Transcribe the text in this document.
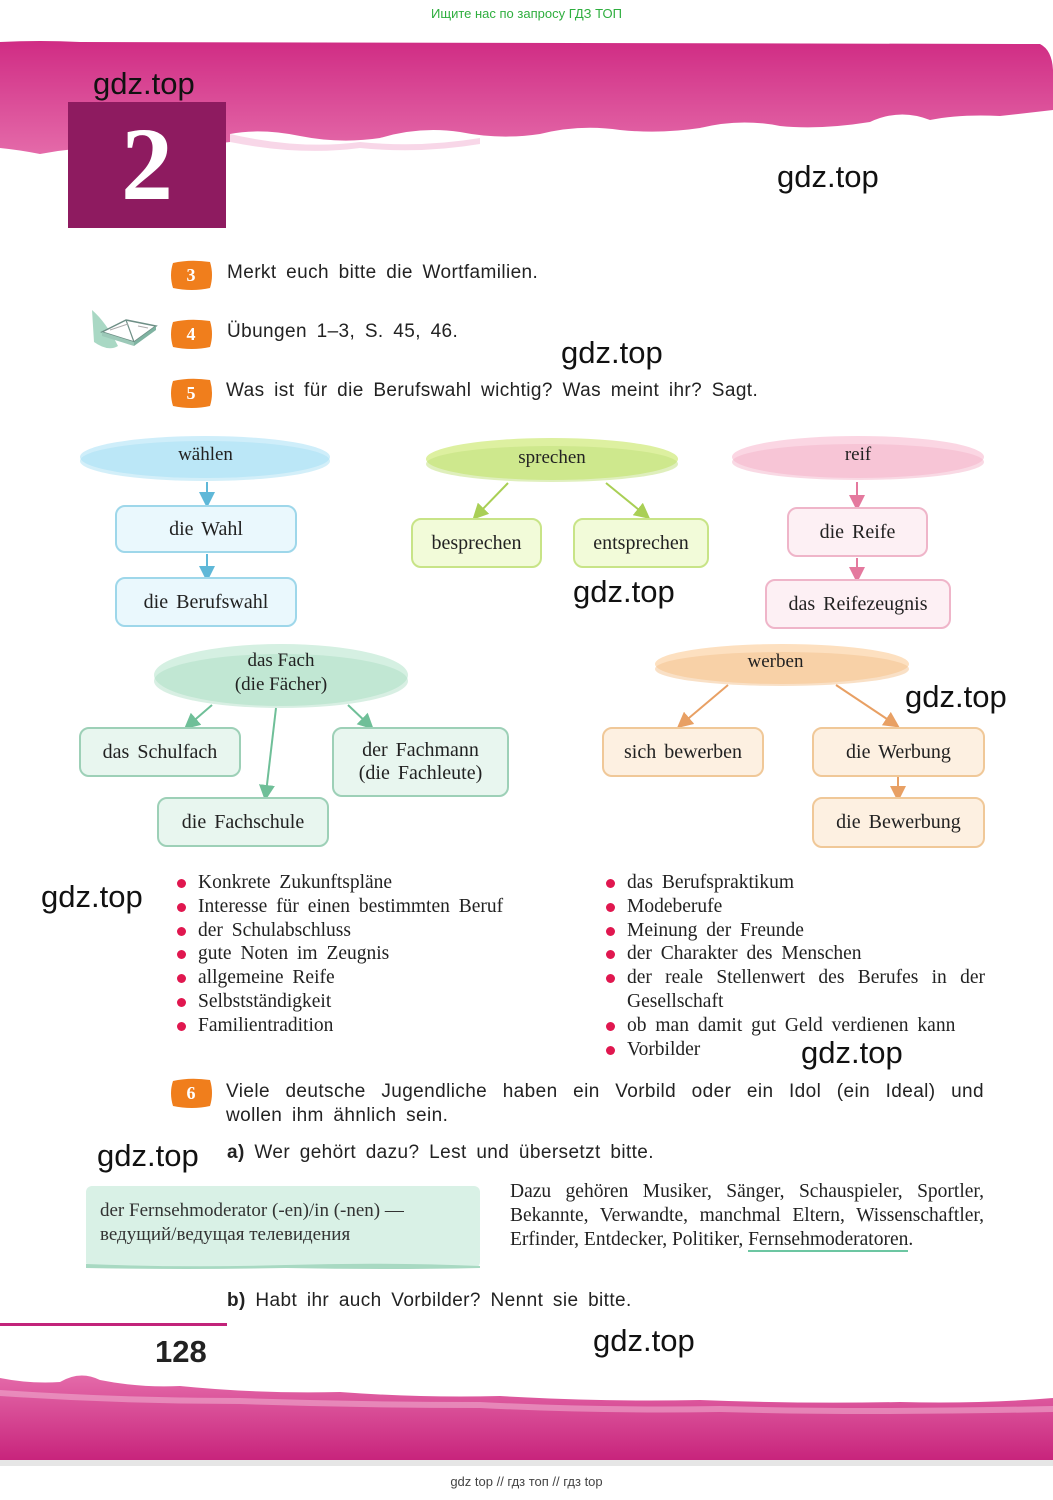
Ищите нас по запросу ГДЗ ТОП
gdz.top
2	gdz.top
3	Merkt euch bitte die Wortfamilien.
4	Übungen 1–3, S. 45, 46.
gdz.top
5	Was ist für die Berufswahl wichtig? Was meint ihr? Sagt.
wählen
die Wahl
die Berufswahl
sprechen
besprechen	entsprechen
gdz.top
reif
die Reife
das Reifezeugnis
das Fach
(die Fächer)
das Schulfach	der Fachmann
(die Fachleute)
die Fachschule
werben
gdz.top
sich bewerben	die Werbung
die Bewerbung
gdz.top	Konkrete Zukunftspläne
Interesse für einen bestimmten Beruf
der Schulabschluss
gute Noten im Zeugnis
allgemeine Reife
Selbstständigkeit
Familientradition
das Berufspraktikum
Modeberufe
Meinung der Freunde
der Charakter des Menschen
der reale Stellenwert des Berufes in der Gesellschaft
ob man damit gut Geld verdienen kann
Vorbilder	gdz.top
6	Viele deutsche Jugendliche haben ein Vorbild oder ein Idol (ein Ideal) und wollen ihm ähnlich sein.
gdz.top a) Wer gehört dazu? Lest und übersetzt bitte.
der Fernsehmoderator (-en)/in (-nen) —
ведущий/ведущая телевидения
Dazu gehören Musiker, Sänger, Schauspieler, Sportler, Bekannte, Verwandte, manchmal Eltern, Wissenschaftler, Erfinder, Entdecker, Politiker, Fernsehmoderatoren.
b) Habt ihr auch Vorbilder? Nennt sie bitte.
128	gdz.top
gdz top // гдз топ // гдз top
